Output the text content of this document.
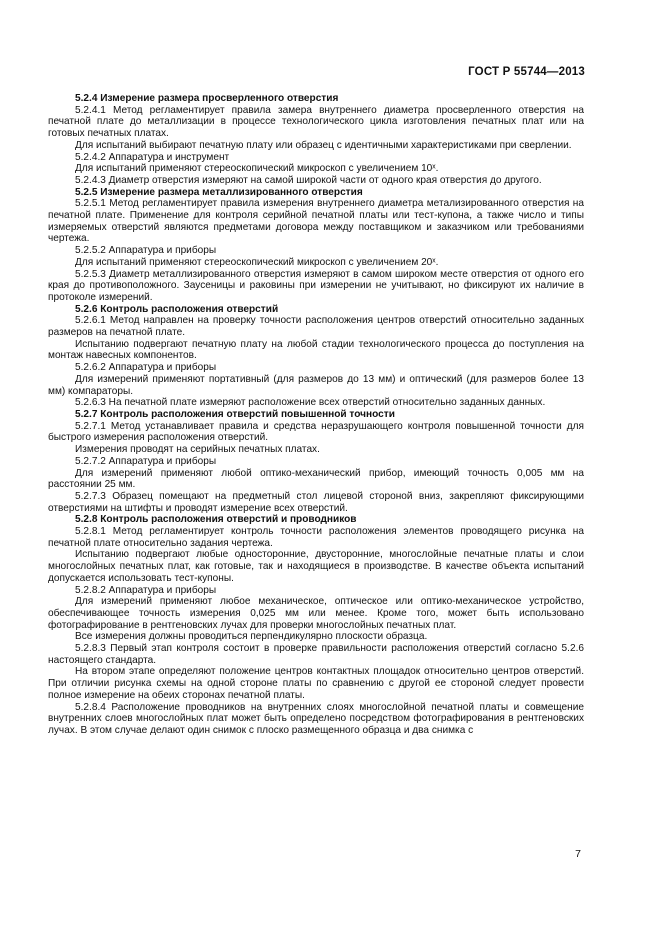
ГОСТ Р 55744—2013

5.2.4 Измерение размера просверленного отверстия

5.2.4.1 Метод регламентирует правила замера внутреннего диаметра просверленного отверстия на печатной плате до металлизации в процессе технологического цикла изготовления печатных плат или на готовых печатных платах.

Для испытаний выбирают печатную плату или образец с идентичными характеристиками при сверлении.

5.2.4.2 Аппаратура и инструмент

Для испытаний применяют стереоскопический микроскоп с увеличением 10ˣ.

5.2.4.3 Диаметр отверстия измеряют на самой широкой части от одного края отверстия до другого.

5.2.5 Измерение размера металлизированного отверстия

5.2.5.1 Метод регламентирует правила измерения внутреннего диаметра метализированного отверстия на печатной плате. Применение для контроля серийной печатной платы или тест-купона, а также число и типы измеряемых отверстий являются предметами договора между поставщиком и заказчиком или требованиями чертежа.

5.2.5.2 Аппаратура и приборы

Для испытаний применяют стереоскопический микроскоп с увеличением 20ˣ.

5.2.5.3 Диаметр металлизированного отверстия измеряют в самом широком месте отверстия от одного его края до противоположного. Заусеницы и раковины при измерении не учитывают, но фиксируют их наличие в протоколе измерений.

5.2.6 Контроль расположения отверстий

5.2.6.1 Метод направлен на проверку точности расположения центров отверстий относительно заданных размеров на печатной плате.

Испытанию подвергают печатную плату на любой стадии технологического процесса до поступления на монтаж навесных компонентов.

5.2.6.2 Аппаратура и приборы

Для измерений применяют портативный (для размеров до 13 мм) и оптический (для размеров более 13 мм) компараторы.

5.2.6.3 На печатной плате измеряют расположение всех отверстий относительно заданных данных.

5.2.7 Контроль расположения отверстий повышенной точности

5.2.7.1 Метод устанавливает правила и средства неразрушающего контроля повышенной точности для быстрого измерения расположения отверстий.

Измерения проводят на серийных печатных платах.

5.2.7.2 Аппаратура и приборы

Для измерений применяют любой оптико-механический прибор, имеющий точность 0,005 мм на расстоянии 25 мм.

5.2.7.3 Образец помещают на предметный стол лицевой стороной вниз, закрепляют фиксирующими отверстиями на штифты и проводят измерение всех отверстий.

5.2.8 Контроль расположения отверстий и проводников

5.2.8.1 Метод регламентирует контроль точности расположения элементов проводящего рисунка на печатной плате относительно задания чертежа.

Испытанию подвергают любые односторонние, двусторонние, многослойные печатные платы и слои многослойных печатных плат, как готовые, так и находящиеся в производстве. В качестве объекта испытаний допускается использовать тест-купоны.

5.2.8.2 Аппаратура и приборы

Для измерений применяют любое механическое, оптическое или оптико-механическое устройство, обеспечивающее точность измерения 0,025 мм или менее. Кроме того, может быть использовано фотографирование в рентгеновских лучах для проверки многослойных печатных плат.

Все измерения должны проводиться перпендикулярно плоскости образца.

5.2.8.3 Первый этап контроля состоит в проверке правильности расположения отверстий согласно 5.2.6 настоящего стандарта.

На втором этапе определяют положение центров контактных площадок относительно центров отверстий. При отличии рисунка схемы на одной стороне платы по сравнению с другой ее стороной следует провести полное измерение на обеих сторонах печатной платы.

5.2.8.4 Расположение проводников на внутренних слоях многослойной печатной платы и совмещение внутренних слоев многослойных плат может быть определено посредством фотографирования в рентгеновских лучах. В этом случае делают один снимок с плоско размещенного образца и два снимка с

7
